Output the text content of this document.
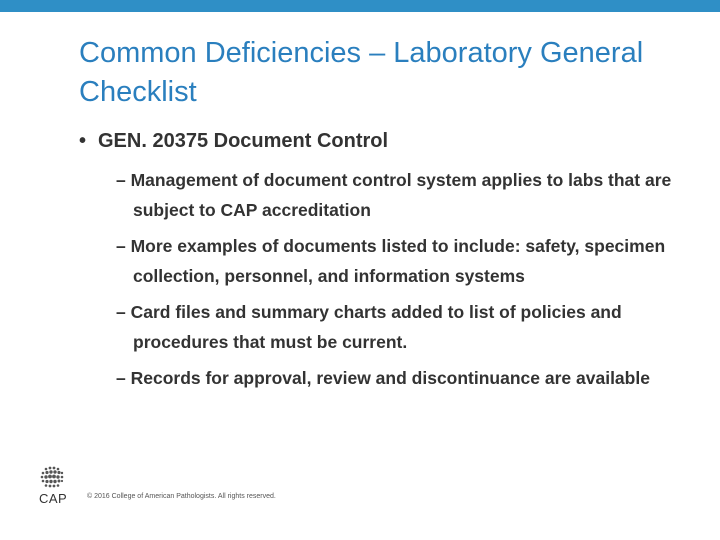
Common Deficiencies – Laboratory General Checklist
• GEN. 20375 Document Control
– Management of document control system applies to labs that are subject to CAP accreditation
– More examples of documents listed to include: safety, specimen collection, personnel, and information systems
– Card files and summary charts added to list of policies and procedures that must be current.
– Records for approval, review and discontinuance are available
CAP	© 2016 College of American Pathologists. All rights reserved.
